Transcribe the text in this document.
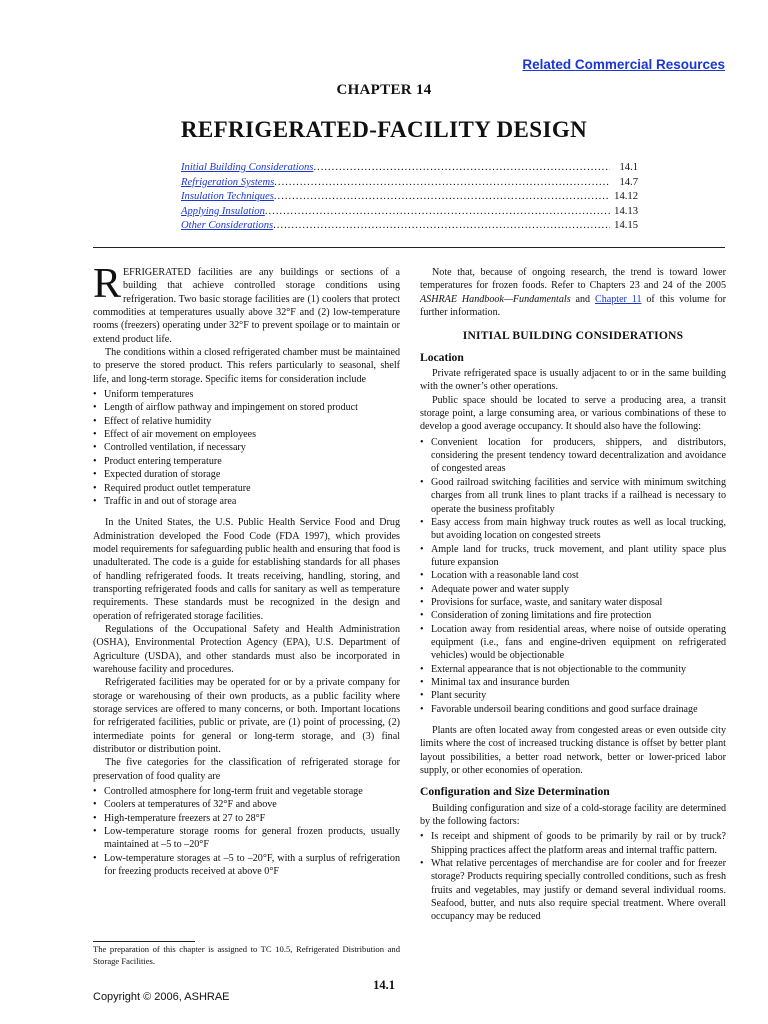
Related Commercial Resources
CHAPTER 14
REFRIGERATED-FACILITY DESIGN
Initial Building Considerations .....	14.1
Refrigeration Systems .....	14.7
Insulation Techniques .....	14.12
Applying Insulation .....	14.13
Other Considerations .....	14.15

REFRIGERATED facilities are any buildings or sections of a building that achieve controlled storage conditions using refrigeration. Two basic storage facilities are (1) coolers that protect commodities at temperatures usually above 32°F and (2) low-temperature rooms (freezers) operating under 32°F to prevent spoilage or to maintain or extend product life.

The conditions within a closed refrigerated chamber must be maintained to preserve the stored product. This refers particularly to seasonal, shelf life, and long-term storage. Specific items for consideration include

• Uniform temperatures
• Length of airflow pathway and impingement on stored product
• Effect of relative humidity
• Effect of air movement on employees
• Controlled ventilation, if necessary
• Product entering temperature
• Expected duration of storage
• Required product outlet temperature
• Traffic in and out of storage area

In the United States, the U.S. Public Health Service Food and Drug Administration developed the Food Code (FDA 1997), which provides model requirements for safeguarding public health and ensuring that food is unadulterated. The code is a guide for establishing standards for all phases of handling refrigerated foods. It treats receiving, handling, storing, and transporting refrigerated foods and calls for sanitary as well as temperature requirements. These standards must be recognized in the design and operation of refrigerated storage facilities.

Regulations of the Occupational Safety and Health Administration (OSHA), Environmental Protection Agency (EPA), U.S. Department of Agriculture (USDA), and other standards must also be incorporated in warehouse facility and procedures.

Refrigerated facilities may be operated for or by a private company for storage or warehousing of their own products, as a public facility where storage services are offered to many concerns, or both. Important locations for refrigerated facilities, public or private, are (1) point of processing, (2) intermediate points for general or long-term storage, and (3) final distributor or distribution point.

The five categories for the classification of refrigerated storage for preservation of food quality are

• Controlled atmosphere for long-term fruit and vegetable storage
• Coolers at temperatures of 32°F and above
• High-temperature freezers at 27 to 28°F
• Low-temperature storage rooms for general frozen products, usually maintained at –5 to –20°F
• Low-temperature storages at –5 to –20°F, with a surplus of refrigeration for freezing products received at above 0°F
The preparation of this chapter is assigned to TC 10.5, Refrigerated Distribution and Storage Facilities.

Note that, because of ongoing research, the trend is toward lower temperatures for frozen foods. Refer to Chapters 23 and 24 of the 2005 ASHRAE Handbook—Fundamentals and Chapter 11 of this volume for further information.

INITIAL BUILDING CONSIDERATIONS
Location

Private refrigerated space is usually adjacent to or in the same building with the owner’s other operations.

Public space should be located to serve a producing area, a transit storage point, a large consuming area, or various combinations of these to develop a good average occupancy. It should also have the following:

• Convenient location for producers, shippers, and distributors, considering the present tendency toward decentralization and avoidance of congested areas
• Good railroad switching facilities and service with minimum switching charges from all trunk lines to plant tracks if a railhead is necessary to operate the business profitably
• Easy access from main highway truck routes as well as local trucking, but avoiding location on congested streets
• Ample land for trucks, truck movement, and plant utility space plus future expansion
• Location with a reasonable land cost
• Adequate power and water supply
• Provisions for surface, waste, and sanitary water disposal
• Consideration of zoning limitations and fire protection
• Location away from residential areas, where noise of outside operating equipment (i.e., fans and engine-driven equipment on refrigerated vehicles) would be objectionable
• External appearance that is not objectionable to the community
• Minimal tax and insurance burden
• Plant security
• Favorable undersoil bearing conditions and good surface drainage

Plants are often located away from congested areas or even outside city limits where the cost of increased trucking distance is offset by better plant layout possibilities, a better road network, better or lower-priced labor supply, or other economies of operation.

Configuration and Size Determination

Building configuration and size of a cold-storage facility are determined by the following factors:

• Is receipt and shipment of goods to be primarily by rail or by truck? Shipping practices affect the platform areas and internal traffic pattern.
• What relative percentages of merchandise are for cooler and for freezer storage? Products requiring specially controlled conditions, such as fresh fruits and vegetables, may justify or demand several individual rooms. Seafood, butter, and nuts also require special treatment. Where overall occupancy may be reduced
14.1
Copyright © 2006, ASHRAE
